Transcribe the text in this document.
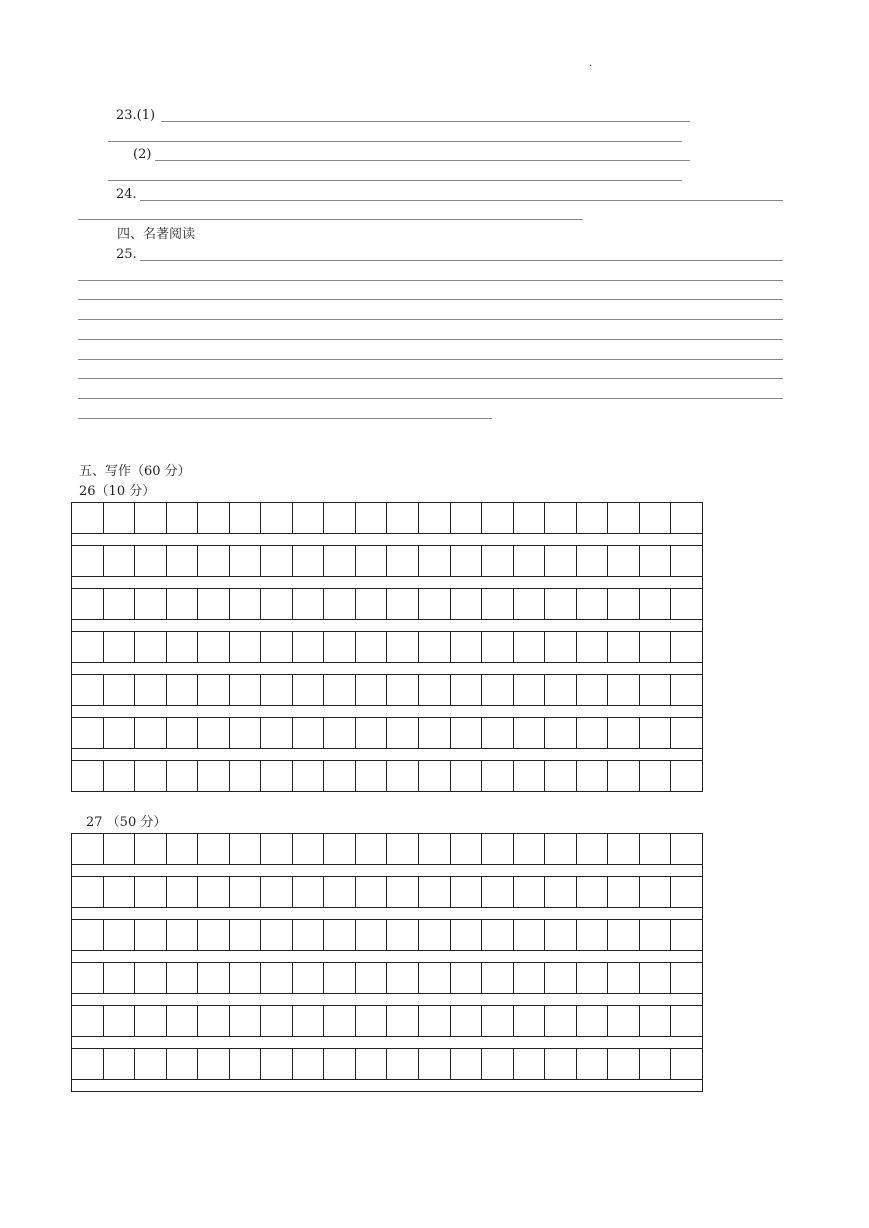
.
23.(1)
(2)
24.
四、名著阅读
25.
五、写作（60 分）
26（10 分）
27 （50 分）
